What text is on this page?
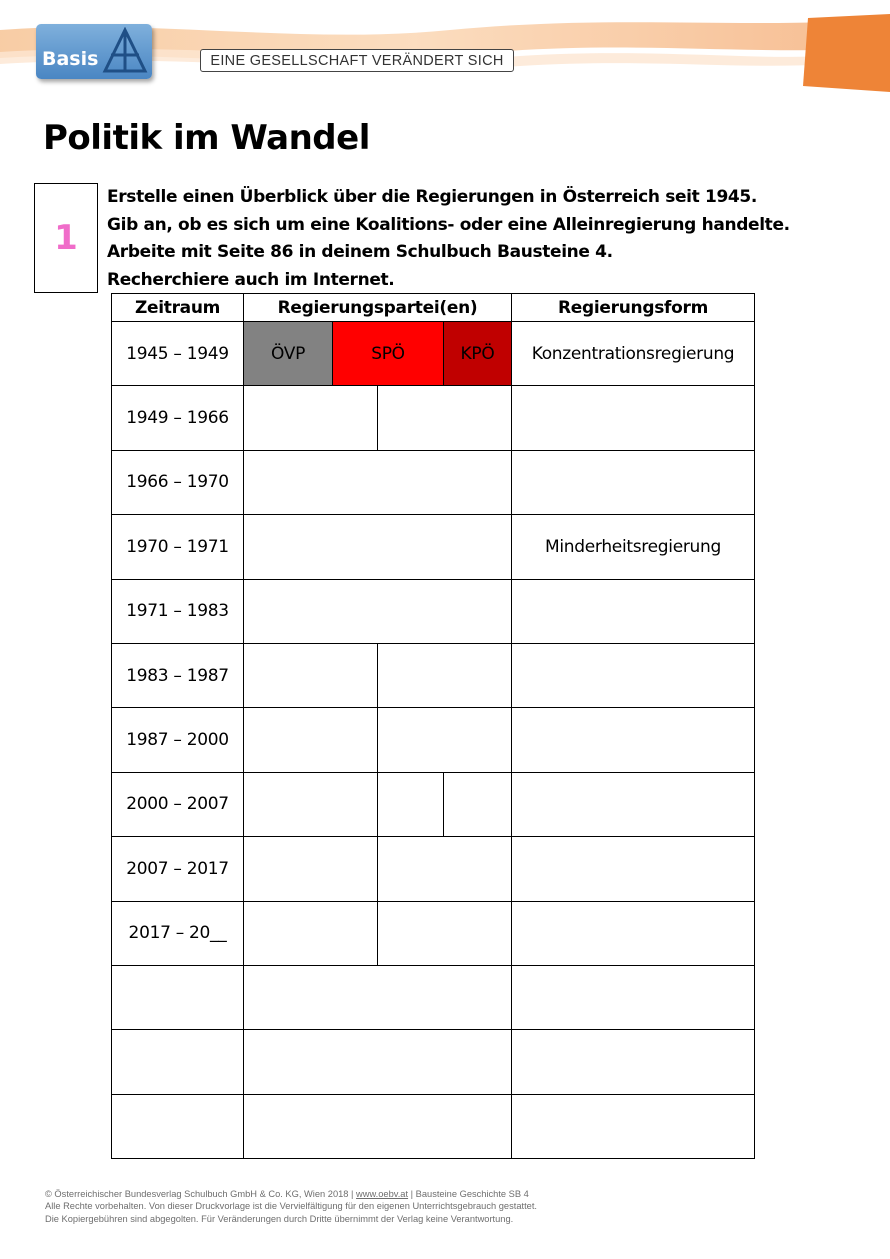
Basis	EINE GESELLSCHAFT VERÄNDERT SICH
Politik im Wandel
1

Erstelle einen Überblick über die Regierungen in Österreich seit 1945.
Gib an, ob es sich um eine Koalitions- oder eine Alleinregierung handelte.
Arbeite mit Seite 86 in deinem Schulbuch Bausteine 4.
Recherchiere auch im Internet.

Zeitraum	Regierungspartei(en)				Regierungsform
1945 – 1949	ÖVP	SPÖ		KPÖ	Konzentrationsregierung
1949 – 1966					
1966 – 1970					
1970 – 1971					Minderheitsregierung
1971 – 1983					
1983 – 1987					
1987 – 2000					
2000 – 2007					
2007 – 2017					
2017 – 20__					

© Österreichischer Bundesverlag Schulbuch GmbH & Co. KG, Wien 2018 | www.oebv.at | Bausteine Geschichte SB 4
Alle Rechte vorbehalten. Von dieser Druckvorlage ist die Vervielfältigung für den eigenen Unterrichtsgebrauch gestattet.
Die Kopiergebühren sind abgegolten. Für Veränderungen durch Dritte übernimmt der Verlag keine Verantwortung.
